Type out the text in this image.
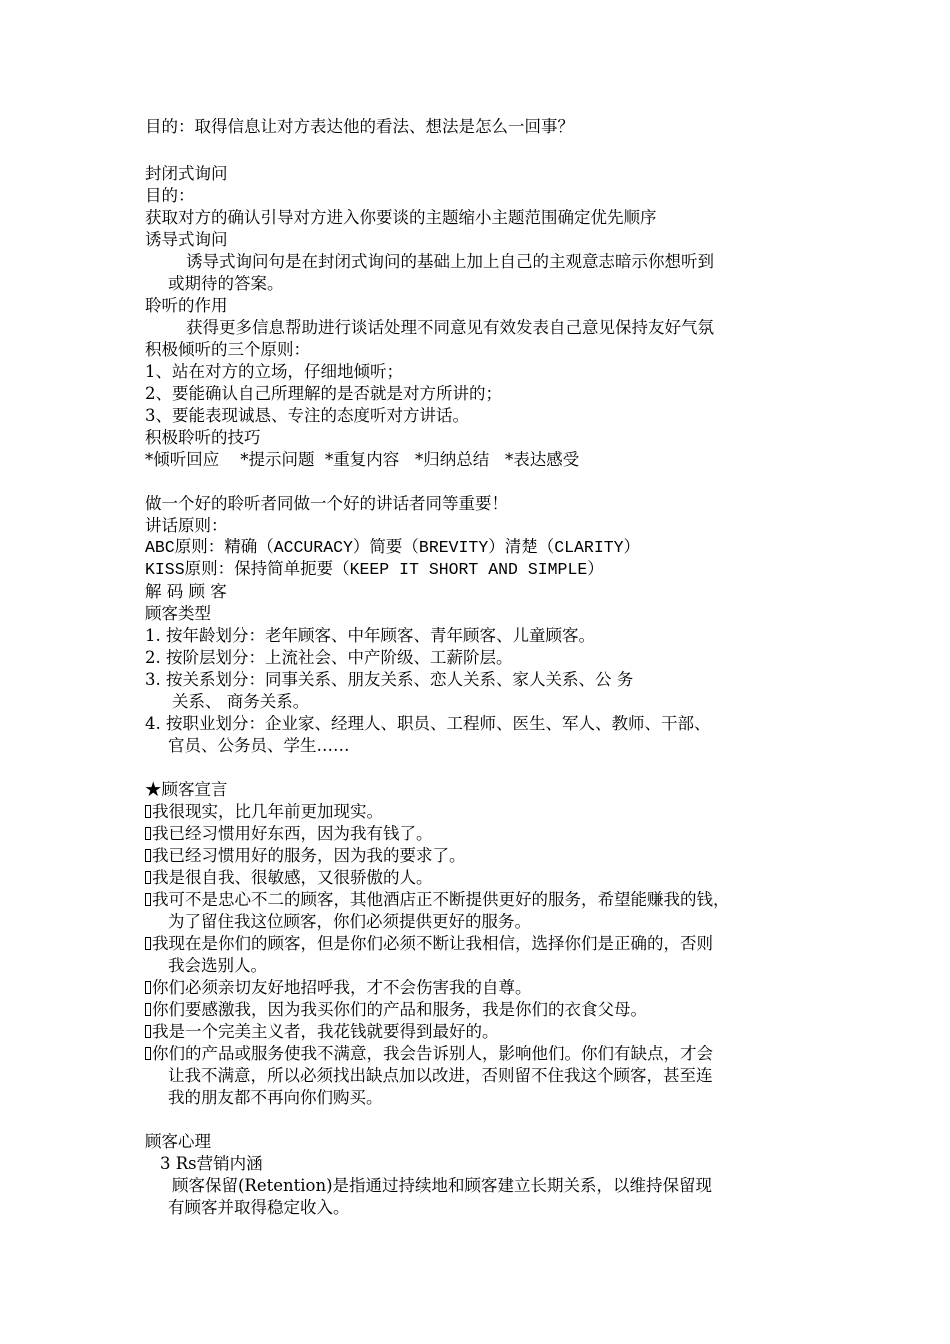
目的：取得信息让对方表达他的看法、想法是怎么一回事？
封闭式询问
目的：
获取对方的确认引导对方进入你要谈的主题缩小主题范围确定优先顺序
诱导式询问
诱导式询问句是在封闭式询问的基础上加上自己的主观意志暗示你想听到
或期待的答案。
聆听的作用
获得更多信息帮助进行谈话处理不同意见有效发表自己意见保持友好气氛
积极倾听的三个原则：
1、站在对方的立场，仔细地倾听；
2、要能确认自己所理解的是否就是对方所讲的；
3、要能表现诚恳、专注的态度听对方讲话。
积极聆听的技巧
*倾听回应    *提示问题  *重复内容   *归纳总结   *表达感受
做一个好的聆听者同做一个好的讲话者同等重要！
讲话原则：
ABC原则：精确（ACCURACY）简要（BREVITY）清楚（CLARITY）
KISS原则：保持简单扼要（KEEP IT SHORT AND SIMPLE）
解 码 顾 客
顾客类型
1. 按年龄划分：老年顾客、中年顾客、青年顾客、儿童顾客。
2. 按阶层划分：上流社会、中产阶级、工薪阶层。
3. 按关系划分：同事关系、朋友关系、恋人关系、家人关系、公 务
关系、 商务关系。
4. 按职业划分：企业家、经理人、职员、工程师、医生、军人、教师、干部、
官员、公务员、学生……
★顾客宣言
我很现实，比几年前更加现实。
我已经习惯用好东西，因为我有钱了。
我已经习惯用好的服务，因为我的要求了。
我是很自我、很敏感，又很骄傲的人。
我可不是忠心不二的顾客，其他酒店正不断提供更好的服务，希望能赚我的钱，
为了留住我这位顾客，你们必须提供更好的服务。
我现在是你们的顾客，但是你们必须不断让我相信，选择你们是正确的，否则
我会选别人。
你们必须亲切友好地招呼我，才不会伤害我的自尊。
你们要感激我，因为我买你们的产品和服务，我是你们的衣食父母。
我是一个完美主义者，我花钱就要得到最好的。
你们的产品或服务使我不满意，我会告诉别人，影响他们。你们有缺点，才会
让我不满意，所以必须找出缺点加以改进，否则留不住我这个顾客，甚至连
我的朋友都不再向你们购买。
顾客心理
3 Rs营销内涵
顾客保留(Retention)是指通过持续地和顾客建立长期关系，以维持保留现
有顾客并取得稳定收入。
